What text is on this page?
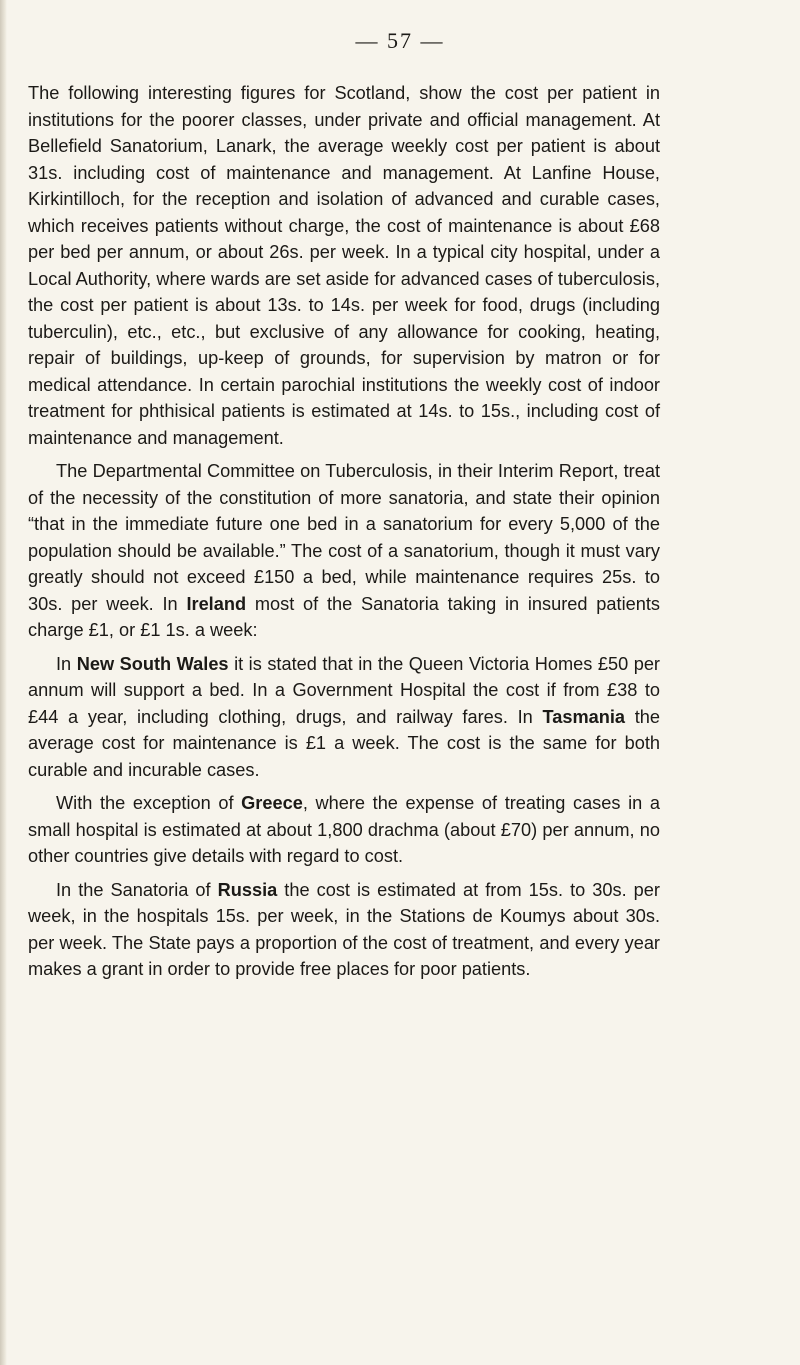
— 57 —

The following interesting figures for Scotland, show the cost per patient in institutions for the poorer classes, under private and official management. At Bellefield Sanatorium, Lanark, the average weekly cost per patient is about 31s. including cost of maintenance and management. At Lanfine House, Kirkintilloch, for the reception and isolation of advanced and curable cases, which receives patients without charge, the cost of maintenance is about £68 per bed per annum, or about 26s. per week. In a typical city hospital, under a Local Authority, where wards are set aside for advanced cases of tuberculosis, the cost per patient is about 13s. to 14s. per week for food, drugs (including tuberculin), etc., etc., but exclusive of any allowance for cooking, heating, repair of buildings, up-keep of grounds, for supervision by matron or for medical attendance. In certain parochial institutions the weekly cost of indoor treatment for phthisical patients is estimated at 14s. to 15s., including cost of maintenance and management.

The Departmental Committee on Tuberculosis, in their Interim Report, treat of the necessity of the constitution of more sanatoria, and state their opinion “that in the immediate future one bed in a sanatorium for every 5,000 of the population should be available.” The cost of a sanatorium, though it must vary greatly should not exceed £150 a bed, while maintenance requires 25s. to 30s. per week. In Ireland most of the Sanatoria taking in insured patients charge £1, or £1 1s. a week:

In New South Wales it is stated that in the Queen Victoria Homes £50 per annum will support a bed. In a Government Hospital the cost if from £38 to £44 a year, including clothing, drugs, and railway fares. In Tasmania the average cost for maintenance is £1 a week. The cost is the same for both curable and incurable cases.

With the exception of Greece, where the expense of treating cases in a small hospital is estimated at about 1,800 drachma (about £70) per annum, no other countries give details with regard to cost.

In the Sanatoria of Russia the cost is estimated at from 15s. to 30s. per week, in the hospitals 15s. per week, in the Stations de Koumys about 30s. per week. The State pays a proportion of the cost of treatment, and every year makes a grant in order to provide free places for poor patients.
